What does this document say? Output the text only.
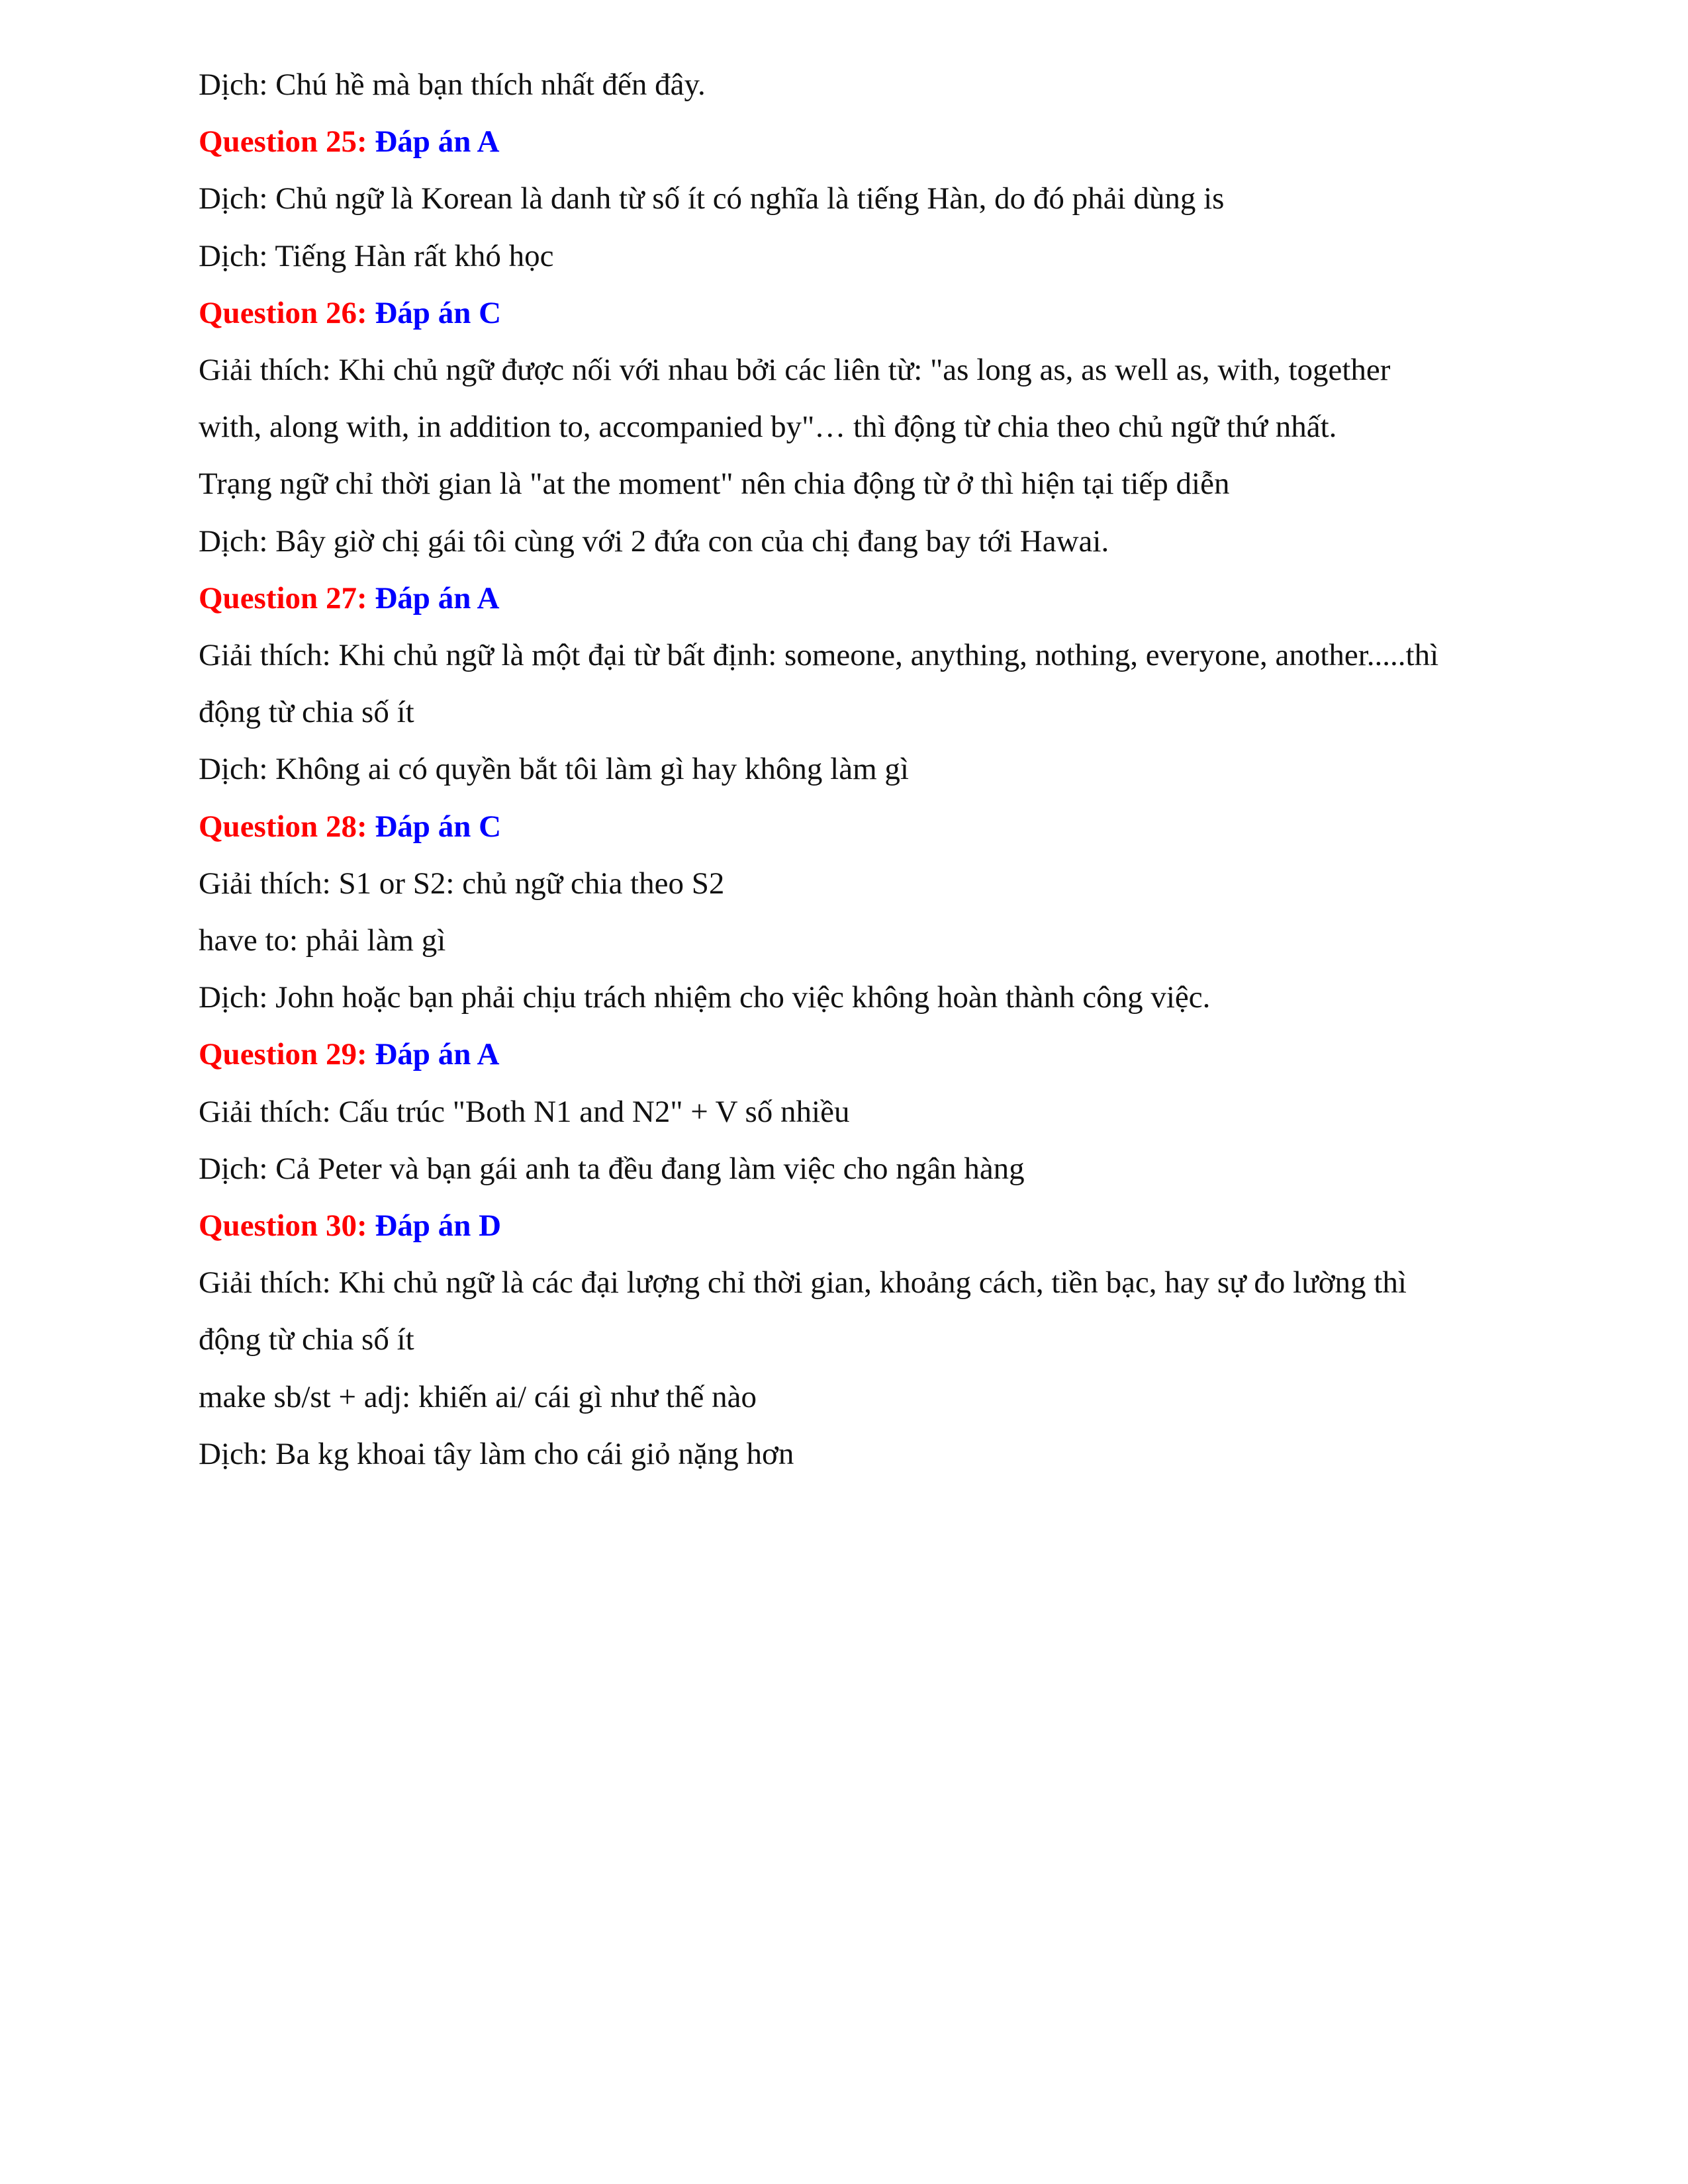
Dịch: Chú hề mà bạn thích nhất đến đây.

Question 25: Đáp án A

Dịch: Chủ ngữ là Korean là danh từ số ít có nghĩa là tiếng Hàn, do đó phải dùng is

Dịch: Tiếng Hàn rất khó học

Question 26: Đáp án C

Giải thích: Khi chủ ngữ được nối với nhau bởi các liên từ: "as long as, as well as, with, together

with, along with, in addition to, accompanied by"… thì động từ chia theo chủ ngữ thứ nhất.

Trạng ngữ chỉ thời gian là "at the moment" nên chia động từ ở thì hiện tại tiếp diễn

Dịch: Bây giờ chị gái tôi cùng với 2 đứa con của chị đang bay tới Hawai.

Question 27: Đáp án A

Giải thích: Khi chủ ngữ là một đại từ bất định: someone, anything, nothing, everyone, another.....thì

động từ chia số ít

Dịch: Không ai có quyền bắt tôi làm gì hay không làm gì

Question 28: Đáp án C

Giải thích: S1 or S2: chủ ngữ chia theo S2

have to: phải làm gì

Dịch: John hoặc bạn phải chịu trách nhiệm cho việc không hoàn thành công việc.

Question 29: Đáp án A

Giải thích: Cấu trúc "Both N1 and N2" + V số nhiều

Dịch: Cả Peter và bạn gái anh ta đều đang làm việc cho ngân hàng

Question 30: Đáp án D

Giải thích: Khi chủ ngữ là các đại lượng chỉ thời gian, khoảng cách, tiền bạc, hay sự đo lường thì

động từ chia số ít

make sb/st + adj: khiến ai/ cái gì như thế nào

Dịch: Ba kg khoai tây làm cho cái giỏ nặng hơn
